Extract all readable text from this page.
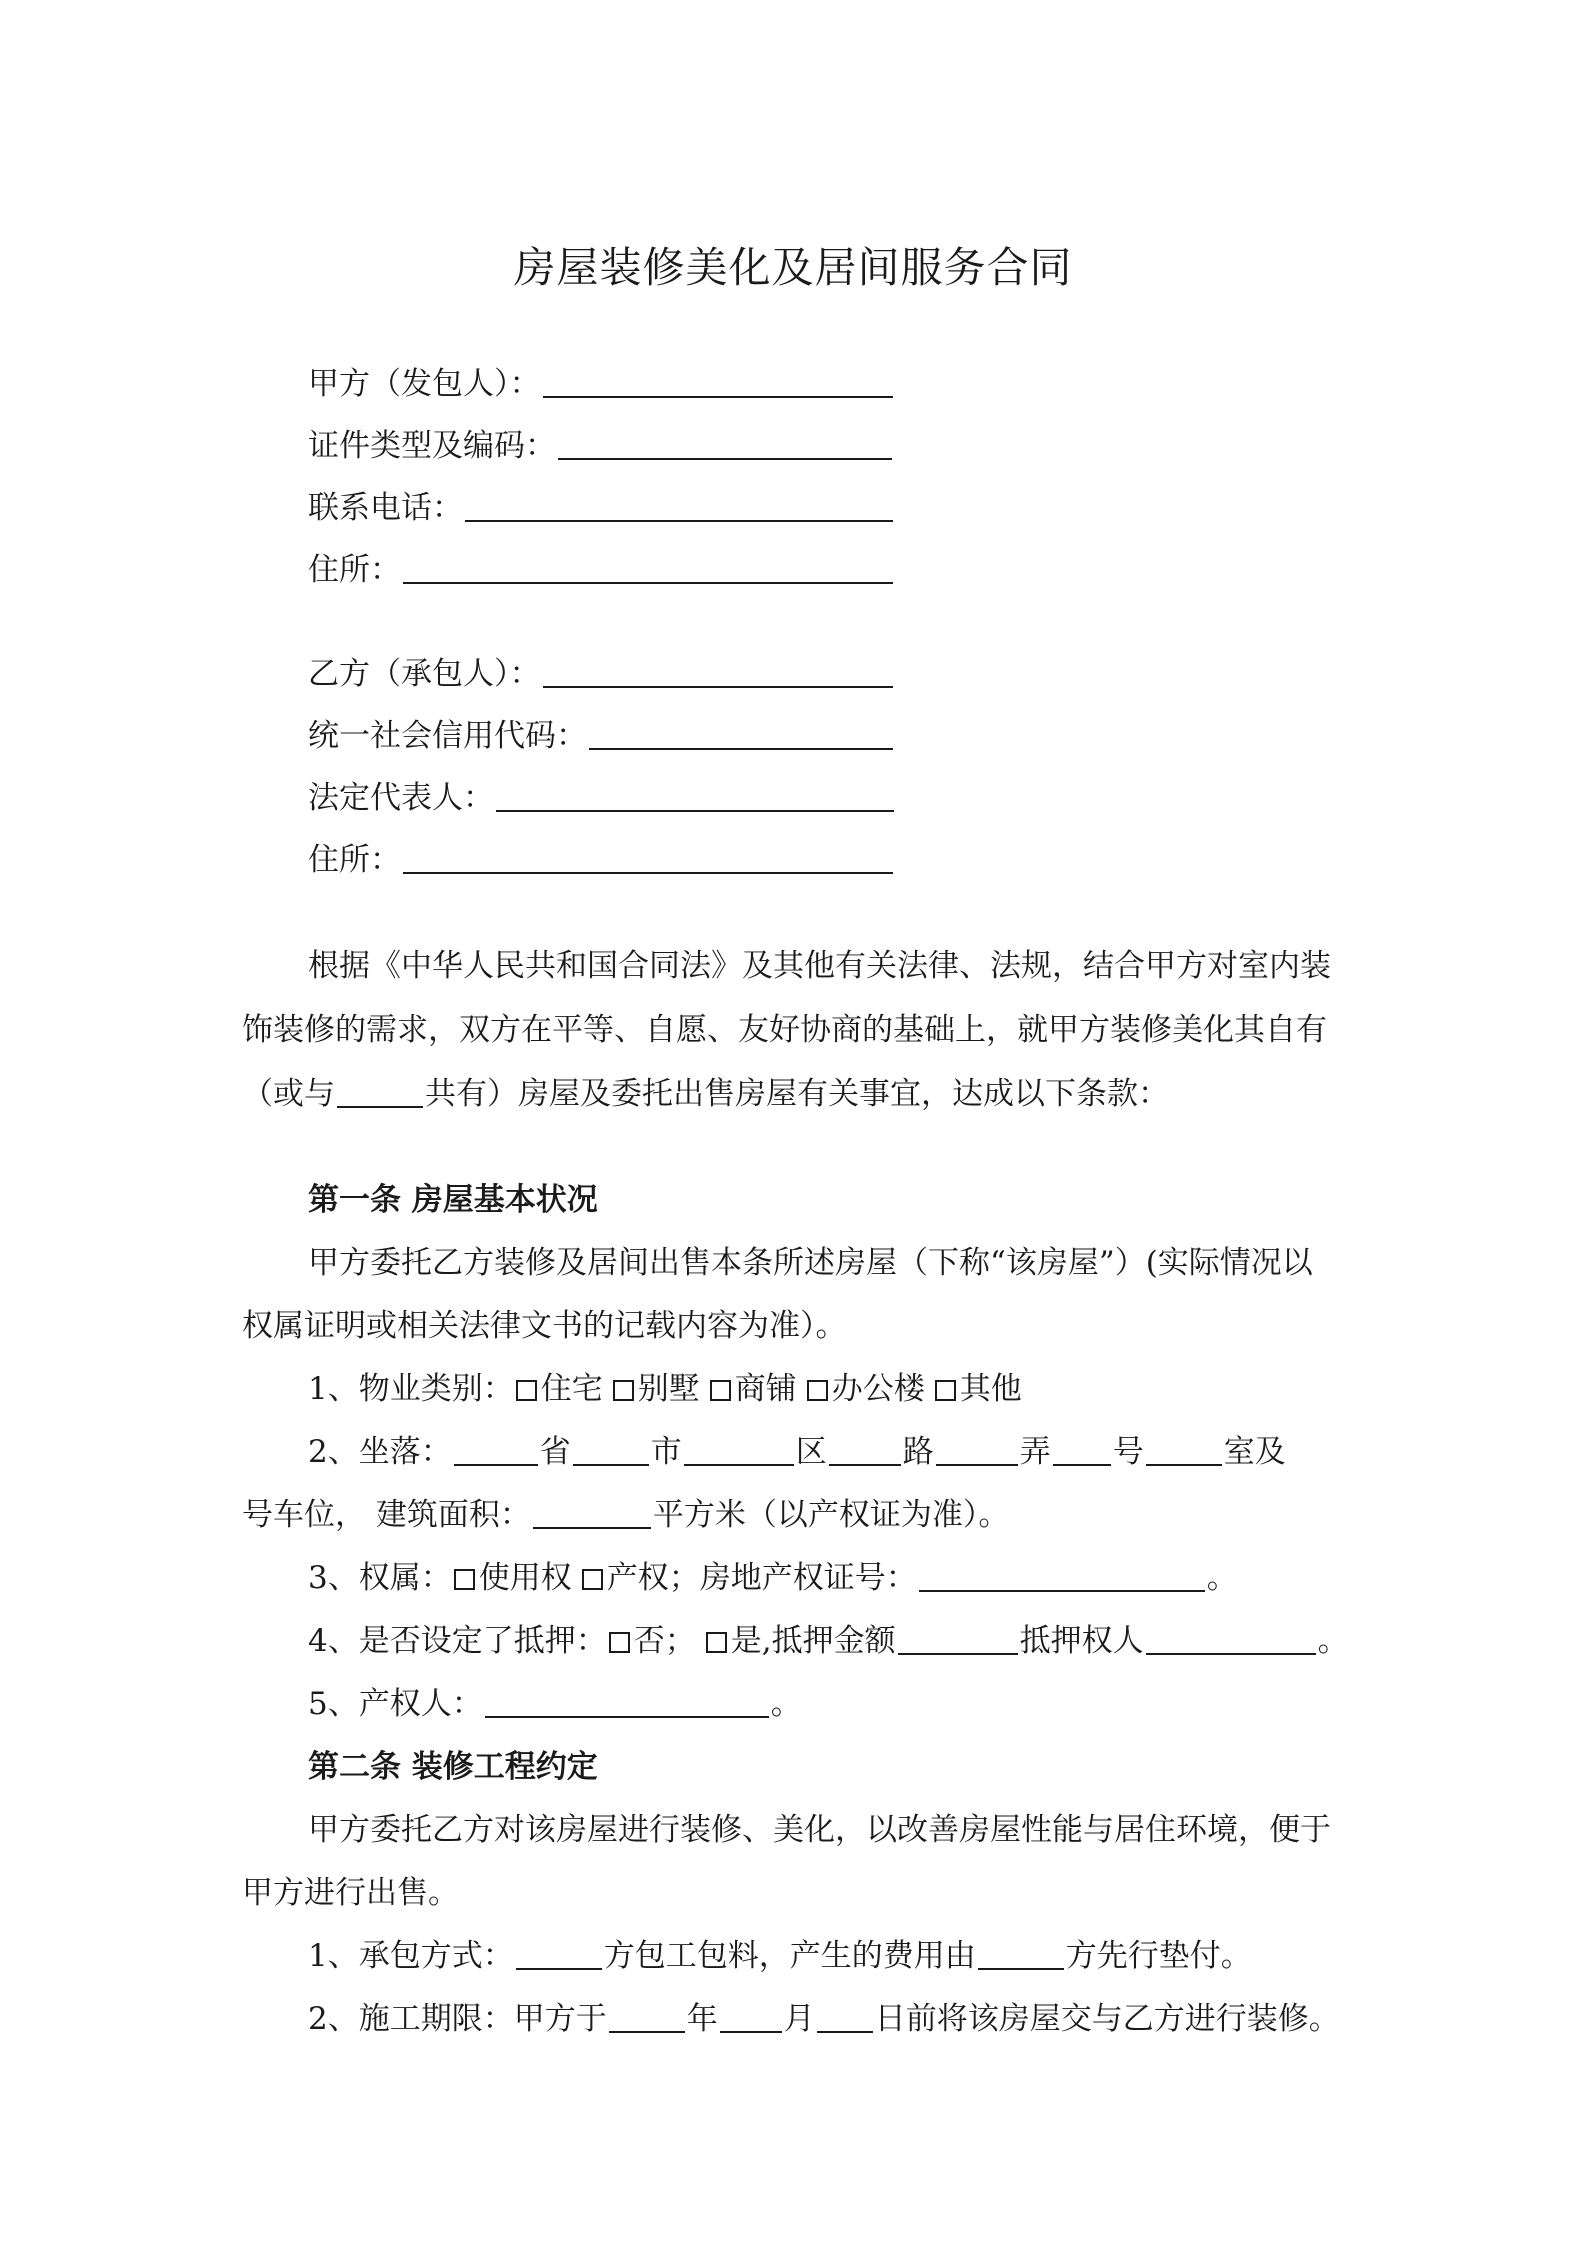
房屋装修美化及居间服务合同
甲方（发包人）：
证件类型及编码：
联系电话：
住所：
乙方（承包人）：
统一社会信用代码：
法定代表人：
住所：
根据《中华人民共和国合同法》及其他有关法律、法规，结合甲方对室内装
饰装修的需求，双方在平等、自愿、友好协商的基础上，就甲方装修美化其自有
（或与	共有）房屋及委托出售房屋有关事宜，达成以下条款：
第一条 房屋基本状况
甲方委托乙方装修及居间出售本条所述房屋（下称“该房屋”）(实际情况以
权属证明或相关法律文书的记载内容为准）。
1、物业类别： 住宅 别墅 商铺 办公楼 其他
2、坐落：	省	市	区 路	弄 号	室及
号车位， 建筑面积：	平方米（以产权证为准）。
3、权属： 使用权 产权；房地产权证号：	。
4、是否设定了抵押： 否； 是,抵押金额	抵押权人	。
5、产权人：	。
第二条 装修工程约定
甲方委托乙方对该房屋进行装修、美化，以改善房屋性能与居住环境，便于
甲方进行出售。
1、承包方式：	方包工包料，产生的费用由	方先行垫付。
2、施工期限：甲方于	年 月 日前将该房屋交与乙方进行装修。
